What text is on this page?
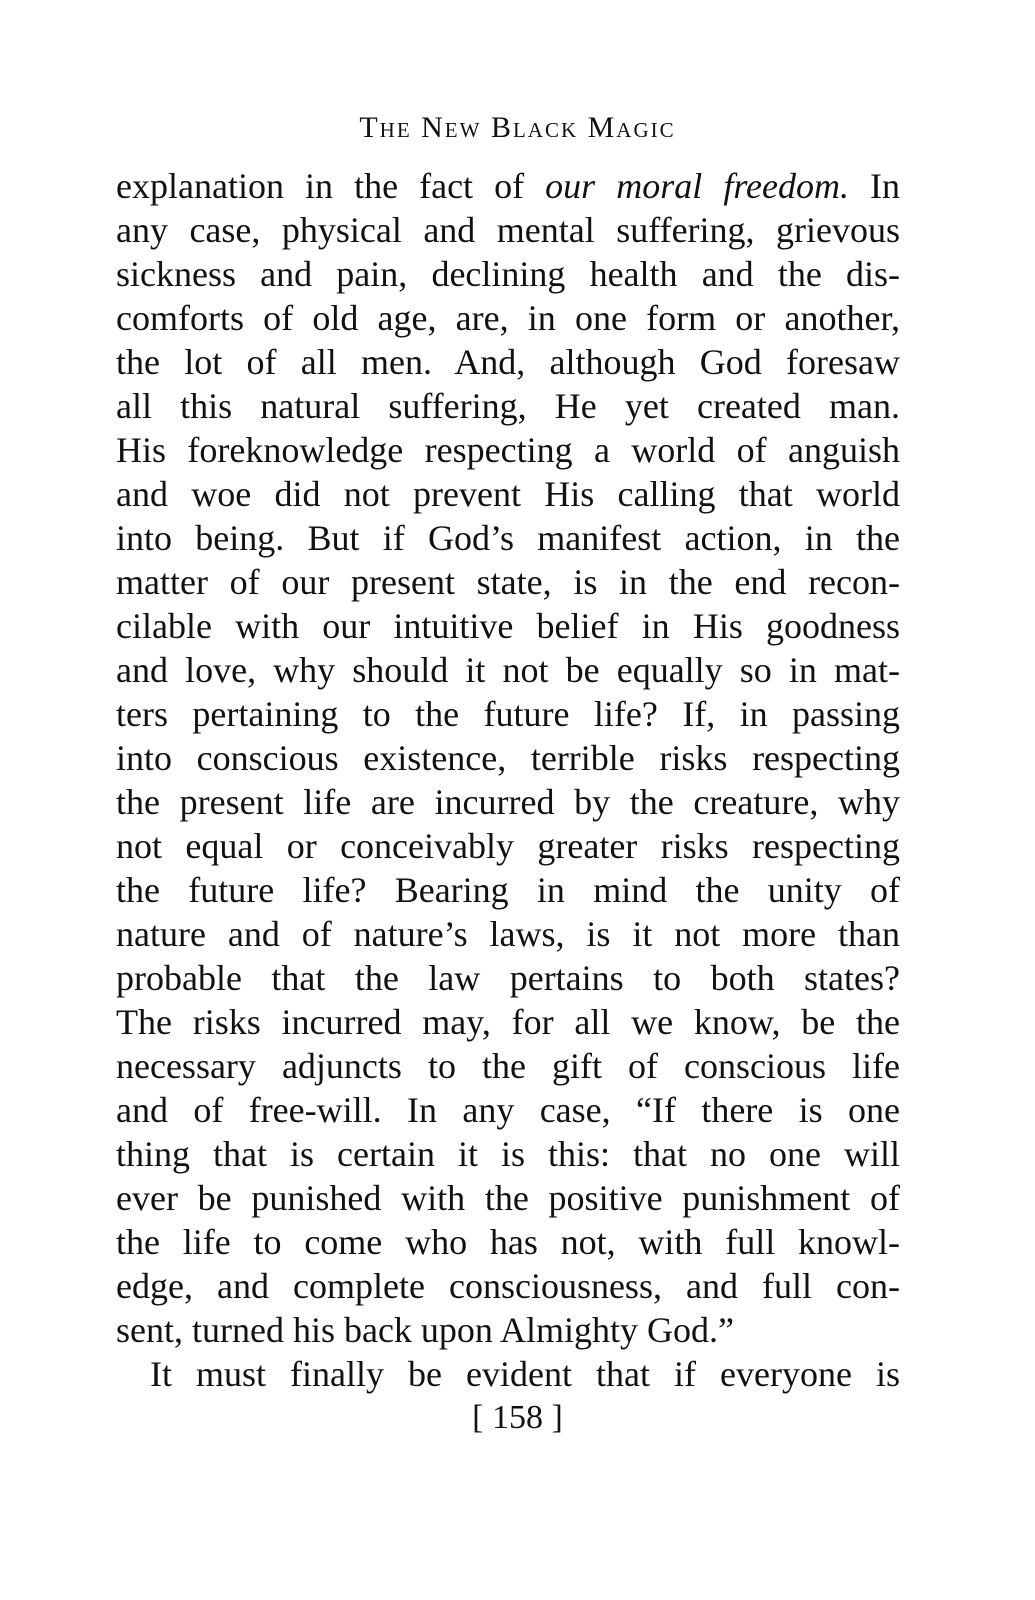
The New Black Magic
explanation in the fact of our moral freedom. In
any case, physical and mental suffering, grievous
sickness and pain, declining health and the dis-
comforts of old age, are, in one form or another,
the lot of all men. And, although God foresaw
all this natural suffering, He yet created man.
His foreknowledge respecting a world of anguish
and woe did not prevent His calling that world
into being. But if God’s manifest action, in the
matter of our present state, is in the end recon-
cilable with our intuitive belief in His goodness
and love, why should it not be equally so in mat-
ters pertaining to the future life? If, in passing
into conscious existence, terrible risks respecting
the present life are incurred by the creature, why
not equal or conceivably greater risks respecting
the future life? Bearing in mind the unity of
nature and of nature’s laws, is it not more than
probable that the law pertains to both states?
The risks incurred may, for all we know, be the
necessary adjuncts to the gift of conscious life
and of free-will. In any case, “If there is one
thing that is certain it is this: that no one will
ever be punished with the positive punishment of
the life to come who has not, with full knowl-
edge, and complete consciousness, and full con-
sent, turned his back upon Almighty God.”
It must finally be evident that if everyone is
[ 158 ]
